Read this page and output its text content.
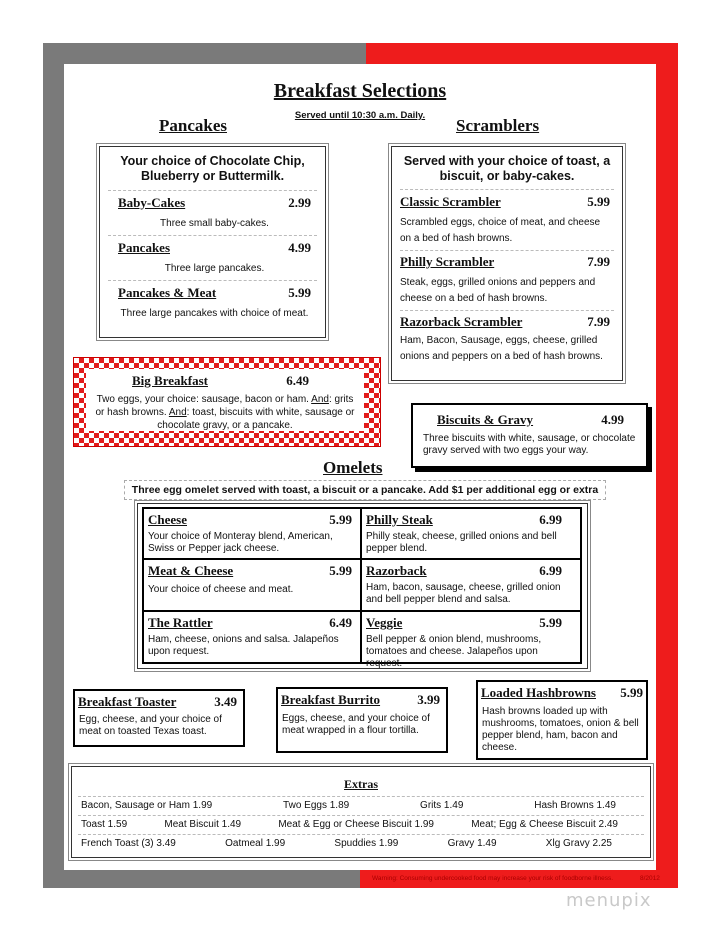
Breakfast Selections
Served until 10:30 a.m. Daily.
Pancakes
Your choice of Chocolate Chip, Blueberry or Buttermilk.
Baby-Cakes	2.99
Three small baby-cakes.
Pancakes	4.99
Three large pancakes.
Pancakes & Meat	5.99
Three large pancakes with choice of meat.
Scramblers
Served with your choice of toast, a biscuit, or baby-cakes.
Classic Scrambler	5.99
Scrambled eggs, choice of meat, and cheese on a bed of hash browns.
Philly Scrambler	7.99
Steak, eggs, grilled onions and peppers and cheese on a bed of hash browns.
Razorback Scrambler	7.99
Ham, Bacon, Sausage, eggs, cheese, grilled onions and peppers on a bed of hash browns.
Big Breakfast	6.49
Two eggs, your choice: sausage, bacon or ham. And: grits or hash browns. And: toast, biscuits with white, sausage or chocolate gravy, or a pancake.	Biscuits & Gravy	4.99
Three biscuits with white, sausage, or chocolate gravy served with two eggs your way.
Omelets
Three egg omelet served with toast, a biscuit or a pancake. Add $1 per additional egg or extra
Cheese	5.99
Your choice of Monteray blend, American, Swiss or Pepper jack cheese.
Philly Steak	6.99
Philly steak, cheese, grilled onions and bell pepper blend.
Meat & Cheese	5.99
Your choice of cheese and meat.
Razorback	6.99
Ham, bacon, sausage, cheese, grilled onion and bell pepper blend and salsa.
The Rattler	6.49
Ham, cheese, onions and salsa. Jalapeños upon request.
Veggie	5.99
Bell pepper & onion blend, mushrooms, tomatoes and cheese. Jalapeños upon request.
Breakfast Toaster	3.49
Egg, cheese, and your choice of meat on toasted Texas toast.
Breakfast Burrito	3.99
Eggs, cheese, and your choice of meat wrapped in a flour tortilla.
Loaded Hashbrowns 5.99
Hash browns loaded up with mushrooms, tomatoes, onion & bell pepper blend, ham, bacon and cheese.
Extras
Bacon, Sausage or Ham 1.99	Two Eggs 1.89	Grits 1.49	Hash Browns 1.49
Toast 1.59	Meat Biscuit 1.49	Meat & Egg or Cheese Biscuit 1.99	Meat; Egg & Cheese Biscuit 2.49
French Toast (3) 3.49	Oatmeal 1.99	Spuddies 1.99	Gravy 1.49	Xlg Gravy 2.25
Warning: Consuming undercooked food may increase your risk of foodborne illness.	8/2012
menupix
